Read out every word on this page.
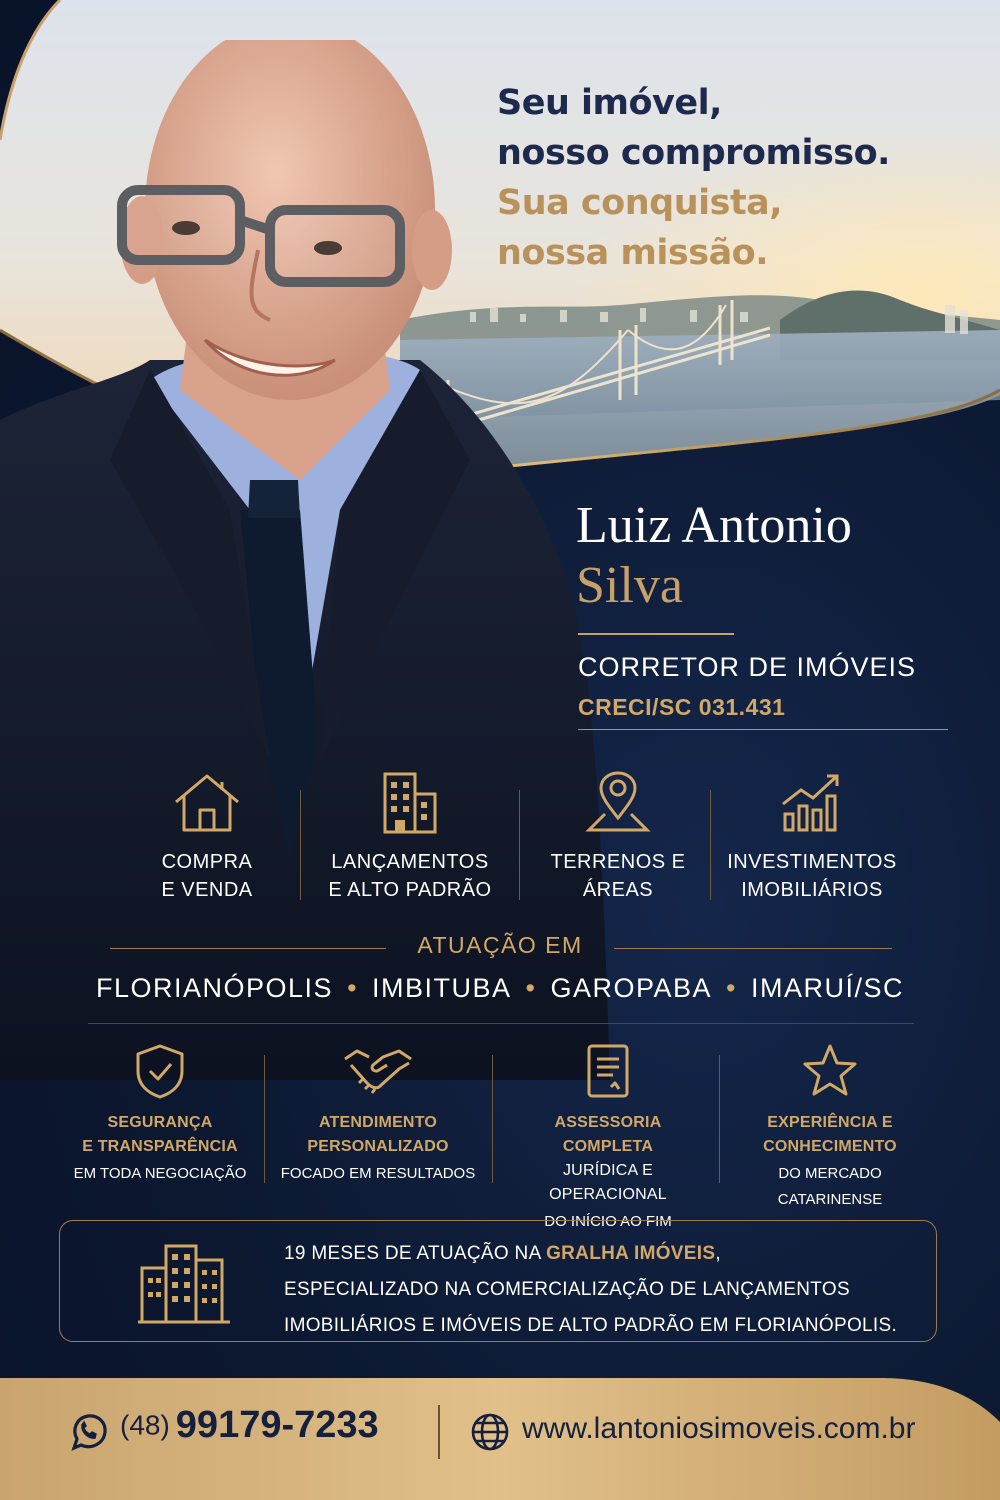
Seu imóvel,
nosso compromisso.
Sua conquista,
nossa missão.
Luiz Antonio
Silva
CORRETOR DE IMÓVEIS
CRECI/SC 031.431
COMPRA
E VENDA
LANÇAMENTOS
E ALTO PADRÃO
TERRENOS E
ÁREAS
INVESTIMENTOS
IMOBILIÁRIOS
ATUAÇÃO EM
FLORIANÓPOLIS • IMBITUBA • GAROPABA • IMARUÍ/SC
SEGURANÇA
E TRANSPARÊNCIA
EM TODA NEGOCIAÇÃO
ATENDIMENTO
PERSONALIZADO
FOCADO EM RESULTADOS
ASSESSORIA COMPLETA
JURÍDICA E OPERACIONAL
DO INÍCIO AO FIM
EXPERIÊNCIA E
CONHECIMENTO
DO MERCADO CATARINENSE
19 MESES DE ATUAÇÃO NA GRALHA IMÓVEIS,
ESPECIALIZADO NA COMERCIALIZAÇÃO DE LANÇAMENTOS
IMOBILIÁRIOS E IMÓVEIS DE ALTO PADRÃO EM FLORIANÓPOLIS.
(48) 99179-7233	www.lantoniosimoveis.com.br
